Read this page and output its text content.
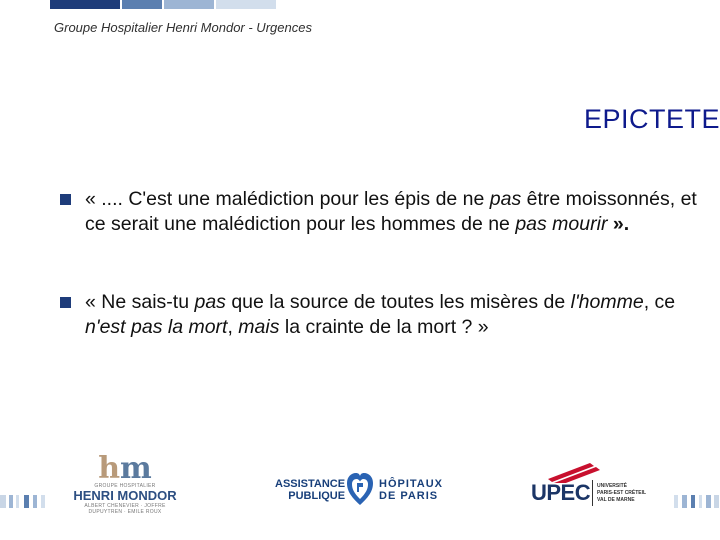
Groupe Hospitalier Henri Mondor - Urgences
EPICTETE
« .... C'est une malédiction pour les épis de ne pas être moissonnés, et ce serait une malédiction pour les hommes de ne pas mourir ».
« Ne sais-tu pas que la source de toutes les misères de l'homme, ce n'est pas la mort, mais la crainte de la mort ? »
hm
GROUPE HOSPITALIER
HENRI MONDOR
ALBERT CHENEVIER · JOFFRE DUPUYTREN · EMILE ROUX
ASSISTANCE
PUBLIQUE
HÔPITAUX
DE PARIS	UPEC UNIVERSITÉ
PARIS-EST CRÉTEIL
VAL DE MARNE
